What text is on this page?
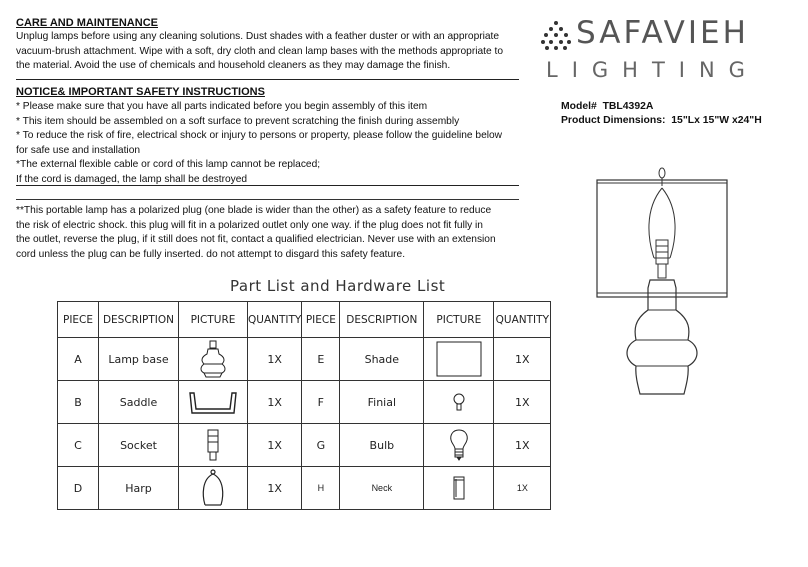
CARE AND MAINTENANCE
Unplug lamps before using any cleaning solutions. Dust shades with a feather duster or with an appropriate
vacuum-brush attachment. Wipe with a soft, dry cloth and clean lamp bases with the methods appropriate to
the material. Avoid the use of chemicals and household cleaners as they may damage the finish.
NOTICE& IMPORTANT SAFETY INSTRUCTIONS
* Please make sure that you have all parts indicated before you begin assembly of this item
* This item should be assembled on a soft surface to prevent scratching the finish during assembly
* To reduce the risk of fire, electrical shock or injury to persons or property, please follow the guideline below
for safe use and installation
*The external flexible cable or cord of this lamp cannot be replaced;
If the cord is damaged, the lamp shall be destroyed
**This portable lamp has a polarized plug (one blade is wider than the other) as a safety feature to reduce
the risk of electric shock. this plug will fit in a polarized outlet only one way. if the plug does not fit fully in
the outlet, reverse the plug, if it still does not fit, contact a qualified electrician. Never use with an extension
cord unless the plug can be fully inserted. do not attempt to disgard this safety feature.
SAFAVIEH
LIGHTING
Model# TBL4392A
Product Dimensions: 15"Lx 15"W x24"H
Part List and Hardware List
PIECE	DESCRIPTION	PICTURE	QUANTITY	PIECE	DESCRIPTION	PICTURE	QUANTITY
A	Lamp base		1X	E	Shade		1X
B	Saddle		1X	F	Finial		1X
C	Socket		1X	G	Bulb		1X
D	Harp		1X	H	Neck		1X
